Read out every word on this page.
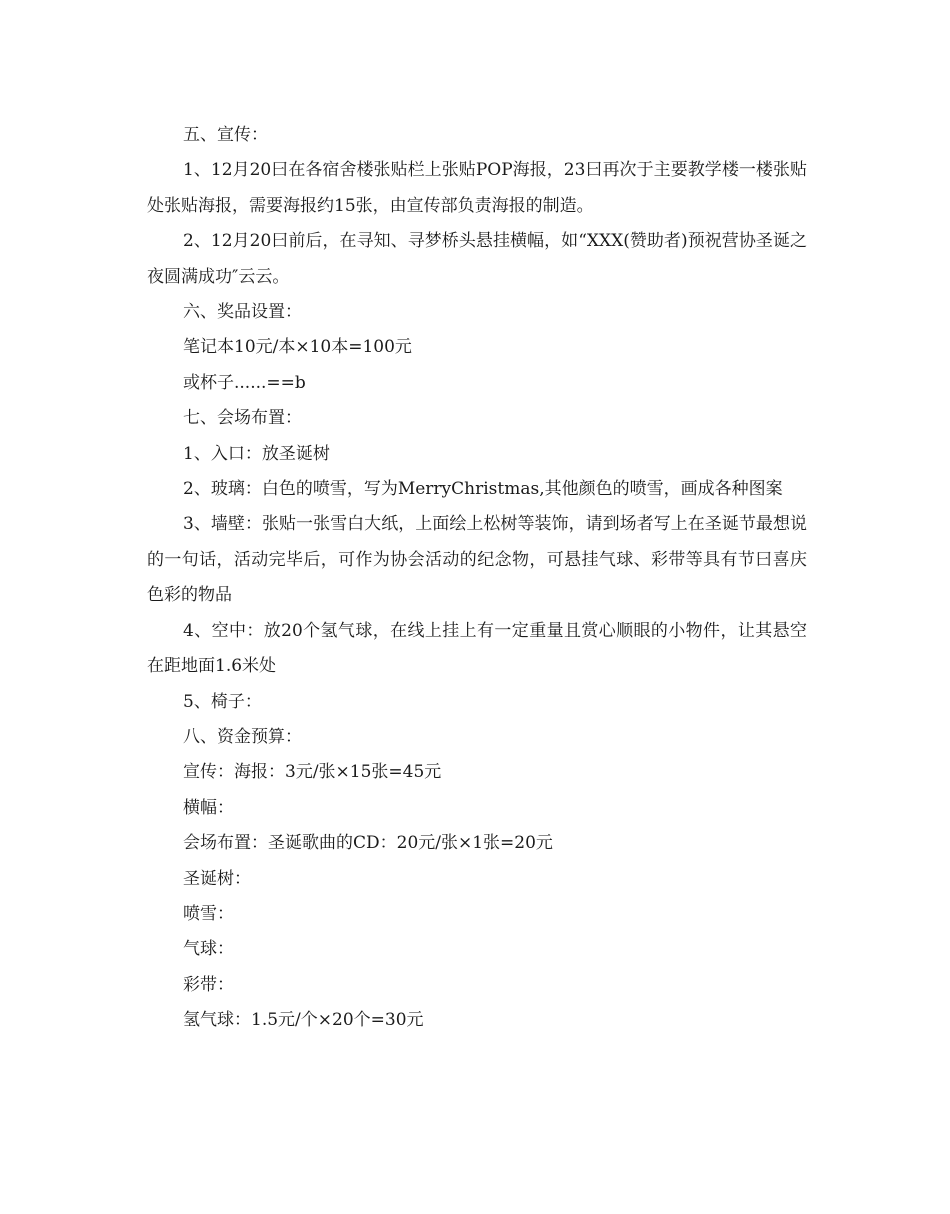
五、宣传：

1、12月20曰在各宿舍楼张贴栏上张贴POP海报，23曰再次于主要教学楼一楼张贴处张贴海报，需要海报约15张，由宣传部负责海报的制造。

2、12月20曰前后，在寻知、寻梦桥头悬挂横幅，如“XXX(赞助者)预祝营协圣诞之夜圆满成功″云云。

六、奖品设置：

笔记本10元/本×10本=100元

或杯子......==b

七、会场布置：

1、入口：放圣诞树

2、玻璃：白色的喷雪，写为MerryChristmas,其他颜色的喷雪，画成各种图案

3、墙壁：张贴一张雪白大纸，上面绘上松树等装饰，请到场者写上在圣诞节最想说的一句话，活动完毕后，可作为协会活动的纪念物，可悬挂气球、彩带等具有节曰喜庆色彩的物品

4、空中：放20个氢气球，在线上挂上有一定重量且赏心顺眼的小物件，让其悬空在距地面1.6米处

5、椅子：

八、资金预算：

宣传：海报：3元/张×15张=45元

横幅：

会场布置：圣诞歌曲的CD：20元/张×1张=20元

圣诞树：

喷雪：

气球：

彩带：

氢气球：1.5元/个×20个=30元
